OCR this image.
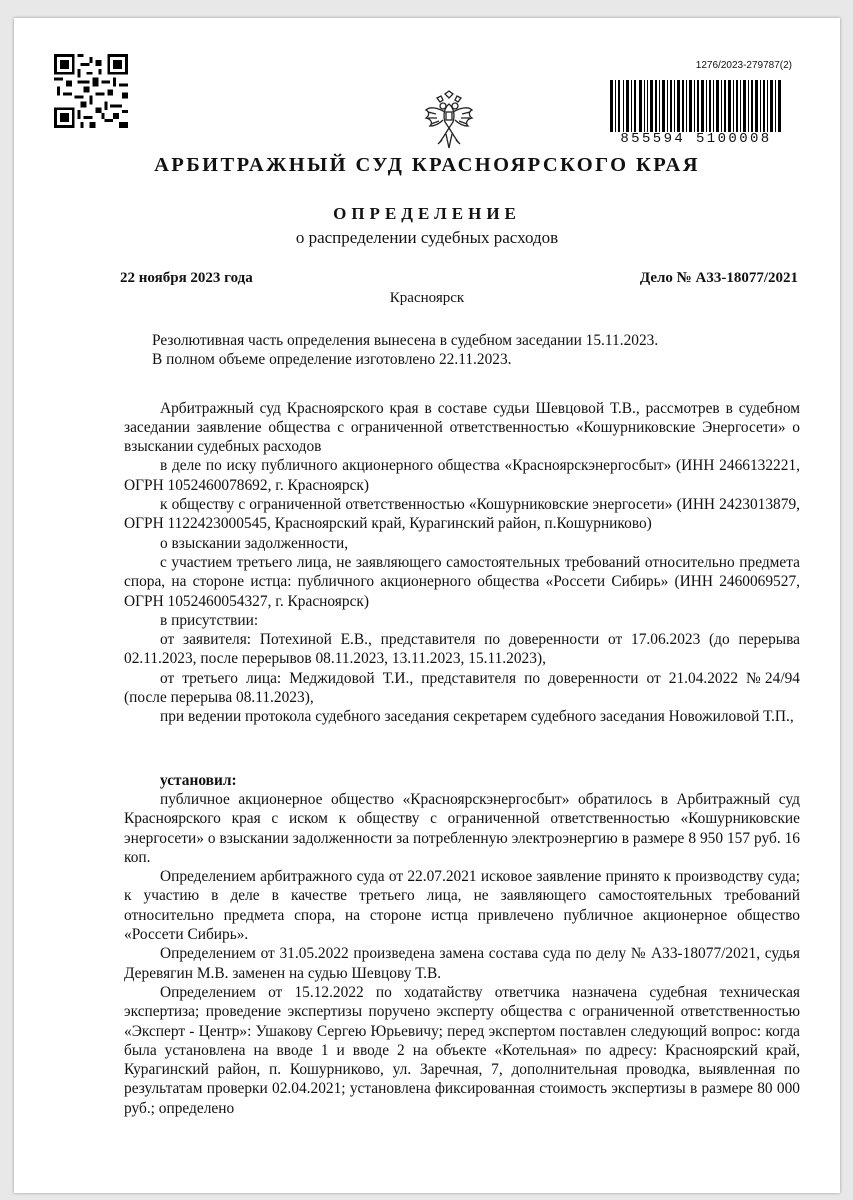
1276/2023-279787(2)
855594 5100008
АРБИТРАЖНЫЙ СУД КРАСНОЯРСКОГО КРАЯ
ОПРЕДЕЛЕНИЕ
о распределении судебных расходов
22 ноября 2023 года	Дело № А33-18077/2021
Красноярск

Резолютивная часть определения вынесена в судебном заседании 15.11.2023.

В полном объеме определение изготовлено 22.11.2023.

Арбитражный суд Красноярского края в составе судьи Шевцовой Т.В., рассмотрев в судебном заседании заявление общества с ограниченной ответственностью «Кошурниковские Энергосети» о взыскании судебных расходов

в деле по иску публичного акционерного общества «Красноярскэнергосбыт» (ИНН 2466132221, ОГРН 1052460078692, г. Красноярск)

к обществу с ограниченной ответственностью «Кошурниковские энергосети» (ИНН 2423013879, ОГРН 1122423000545, Красноярский край, Курагинский район, п.Кошурниково)

о взыскании задолженности,

с участием третьего лица, не заявляющего самостоятельных требований относительно предмета спора, на стороне истца: публичного акционерного общества «Россети Сибирь» (ИНН 2460069527, ОГРН 1052460054327, г. Красноярск)

в присутствии:

от заявителя: Потехиной Е.В., представителя по доверенности от 17.06.2023 (до перерыва 02.11.2023, после перерывов 08.11.2023, 13.11.2023, 15.11.2023),

от третьего лица: Меджидовой Т.И., представителя по доверенности от 21.04.2022 №24/94 (после перерыва 08.11.2023),

при ведении протокола судебного заседания секретарем судебного заседания Новожиловой Т.П.,

установил:

публичное акционерное общество «Красноярскэнергосбыт» обратилось в Арбитражный суд Красноярского края с иском к обществу с ограниченной ответственностью «Кошурниковские энергосети» о взыскании задолженности за потребленную электроэнергию в размере 8 950 157 руб. 16 коп.

Определением арбитражного суда от 22.07.2021 исковое заявление принято к производству суда; к участию в деле в качестве третьего лица, не заявляющего самостоятельных требований относительно предмета спора, на стороне истца привлечено публичное акционерное общество «Россети Сибирь».

Определением от 31.05.2022 произведена замена состава суда по делу № А33-18077/2021, судья Деревягин М.В. заменен на судью Шевцову Т.В.

Определением от 15.12.2022 по ходатайству ответчика назначена судебная техническая экспертиза; проведение экспертизы поручено эксперту общества с ограниченной ответственностью «Эксперт - Центр»: Ушакову Сергею Юрьевичу; перед экспертом поставлен следующий вопрос: когда была установлена на вводе 1 и вводе 2 на объекте «Котельная» по адресу: Красноярский край, Курагинский район, п. Кошурниково, ул. Заречная, 7, дополнительная проводка, выявленная по результатам проверки 02.04.2021; установлена фиксированная стоимость экспертизы в размере 80 000 руб.; определено
